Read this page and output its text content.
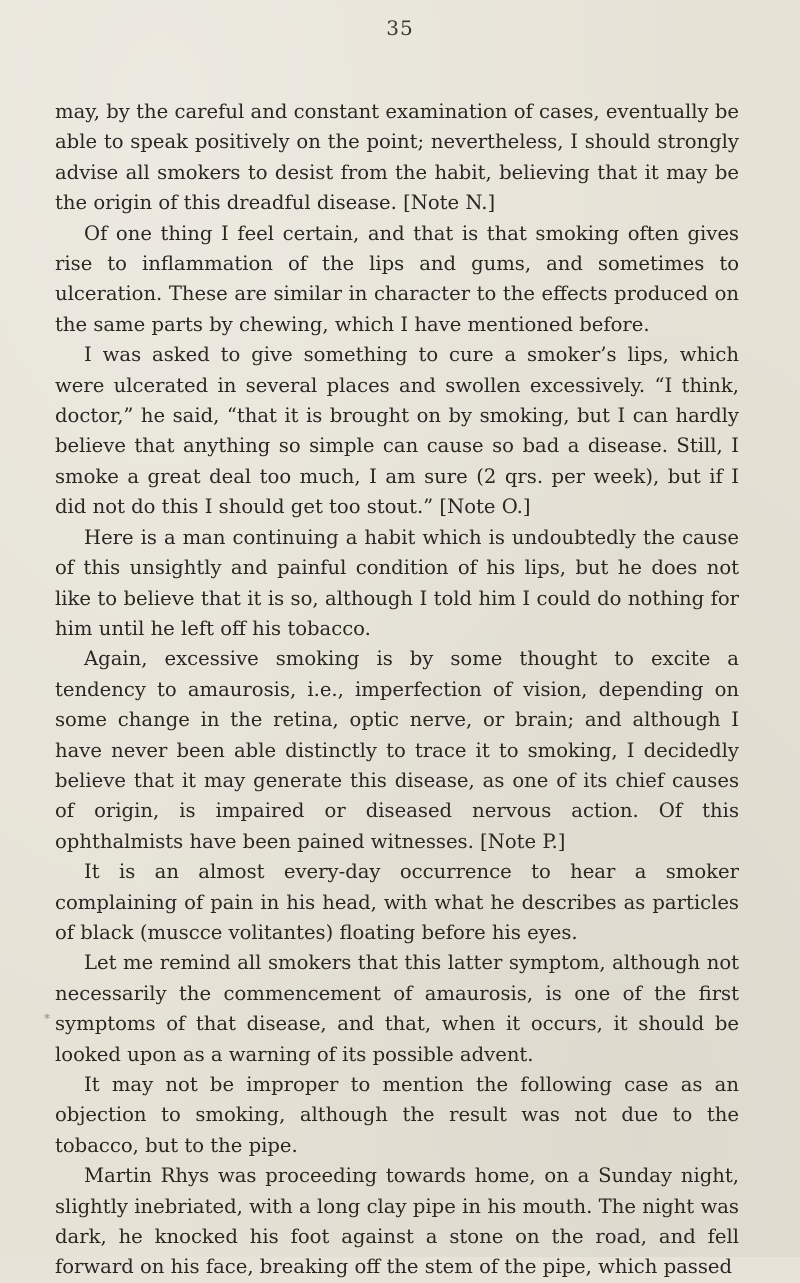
35

may, by the careful and constant examination of cases, eventually be able to speak positively on the point; nevertheless, I should strongly advise all smokers to desist from the habit, believing that it may be the origin of this dreadful disease. [Note N.]

Of one thing I feel certain, and that is that smoking often gives rise to inflammation of the lips and gums, and sometimes to ulceration. These are similar in character to the effects produced on the same parts by chewing, which I have mentioned before.

I was asked to give something to cure a smoker’s lips, which were ulcerated in several places and swollen excessively. “I think, doctor,” he said, “that it is brought on by smoking, but I can hardly believe that anything so simple can cause so bad a disease. Still, I smoke a great deal too much, I am sure (2 qrs. per week), but if I did not do this I should get too stout.” [Note O.]

Here is a man continuing a habit which is undoubtedly the cause of this unsightly and painful condition of his lips, but he does not like to believe that it is so, although I told him I could do nothing for him until he left off his tobacco.

Again, excessive smoking is by some thought to excite a tendency to amaurosis, i.e., imperfection of vision, depending on some change in the retina, optic nerve, or brain; and although I have never been able distinctly to trace it to smoking, I decidedly believe that it may generate this disease, as one of its chief causes of origin, is impaired or diseased nervous action. Of this ophthalmists have been pained witnesses. [Note P.]

It is an almost every-day occurrence to hear a smoker complaining of pain in his head, with what he describes as particles of black (muscce volitantes) floating before his eyes.

Let me remind all smokers that this latter symptom, although not necessarily the commencement of amaurosis, is one of the first symptoms of that disease, and that, when it occurs, it should be looked upon as a warning of its possible advent.

It may not be improper to mention the following case as an objection to smoking, although the result was not due to the tobacco, but to the pipe.

Martin Rhys was proceeding towards home, on a Sunday night, slightly inebriated, with a long clay pipe in his mouth. The night was dark, he knocked his foot against a stone on the road, and fell forward on his face, breaking off the stem of the pipe, which passed

∗
